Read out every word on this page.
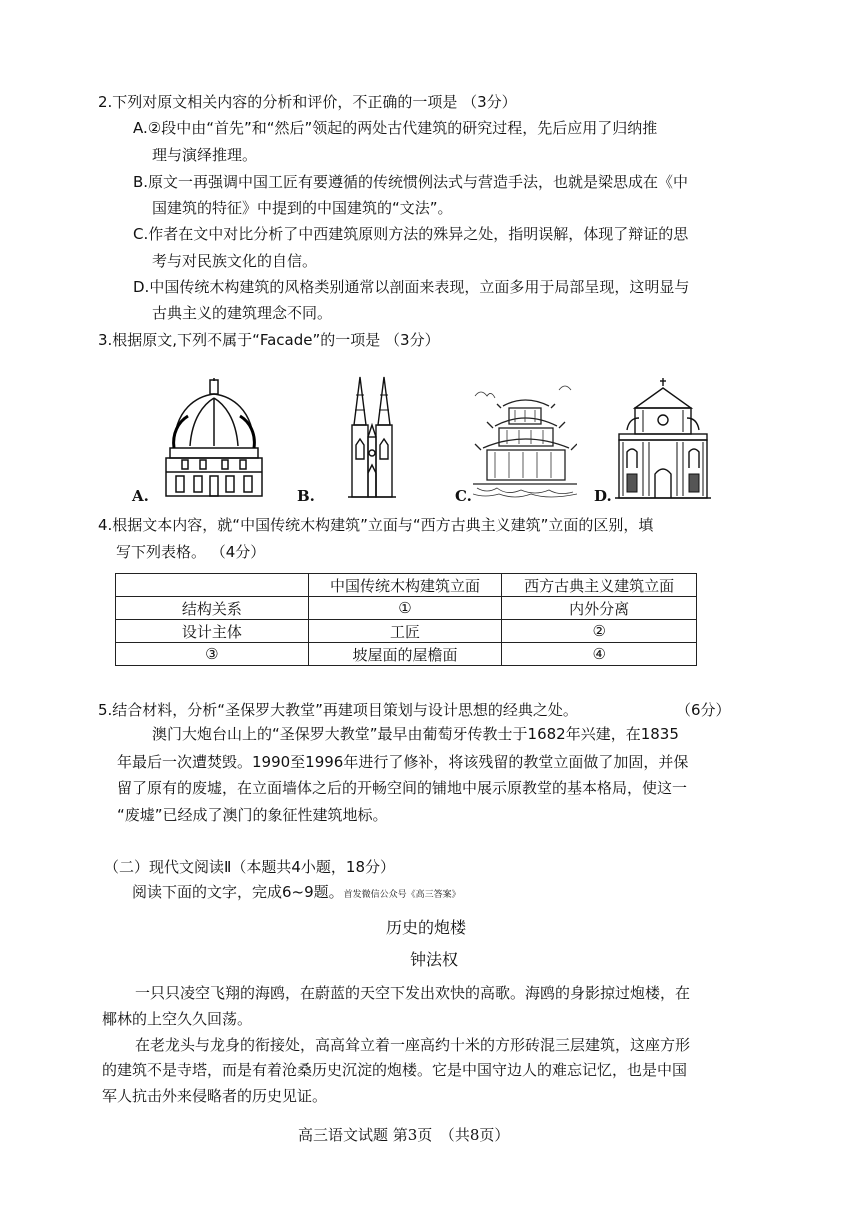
2.下列对原文相关内容的分析和评价，不正确的一项是 （3分）
A.②段中由“首先”和“然后”领起的两处古代建筑的研究过程，先后应用了归纳推
理与演绎推理。
B.原文一再强调中国工匠有要遵循的传统惯例法式与营造手法，也就是梁思成在《中
国建筑的特征》中提到的中国建筑的“文法”。
C.作者在文中对比分析了中西建筑原则方法的殊异之处，指明误解，体现了辩证的思
考与对民族文化的自信。
D.中国传统木构建筑的风格类别通常以剖面来表现，立面多用于局部呈现，这明显与
古典主义的建筑理念不同。
3.根据原文,下列不属于“Facade”的一项是 （3分）
A.	B.	C.	D.
4.根据文本内容，就“中国传统木构建筑”立面与“西方古典主义建筑”立面的区别，填
写下列表格。 （4分）
	中国传统木构建筑立面	西方古典主义建筑立面
结构关系	①	内外分离
设计主体	工匠	②
③	坡屋面的屋檐面	④
5.结合材料，分析“圣保罗大教堂”再建项目策划与设计思想的经典之处。	（6分）
澳门大炮台山上的“圣保罗大教堂”最早由葡萄牙传教士于1682年兴建，在1835
年最后一次遭焚毁。1990至1996年进行了修补，将该残留的教堂立面做了加固，并保
留了原有的废墟，在立面墙体之后的开畅空间的铺地中展示原教堂的基本格局，使这一
“废墟”已经成了澳门的象征性建筑地标。
（二）现代文阅读Ⅱ（本题共4小题，18分）
阅读下面的文字，完成6~9题。首发微信公众号《高三答案》
历史的炮楼
钟法权
一只只凌空飞翔的海鸥，在蔚蓝的天空下发出欢快的高歌。海鸥的身影掠过炮楼，在
椰林的上空久久回荡。
在老龙头与龙身的衔接处，高高耸立着一座高约十米的方形砖混三层建筑，这座方形
的建筑不是寺塔，而是有着沧桑历史沉淀的炮楼。它是中国守边人的难忘记忆，也是中国
军人抗击外来侵略者的历史见证。
高三语文试题 第3页　（共8页）
